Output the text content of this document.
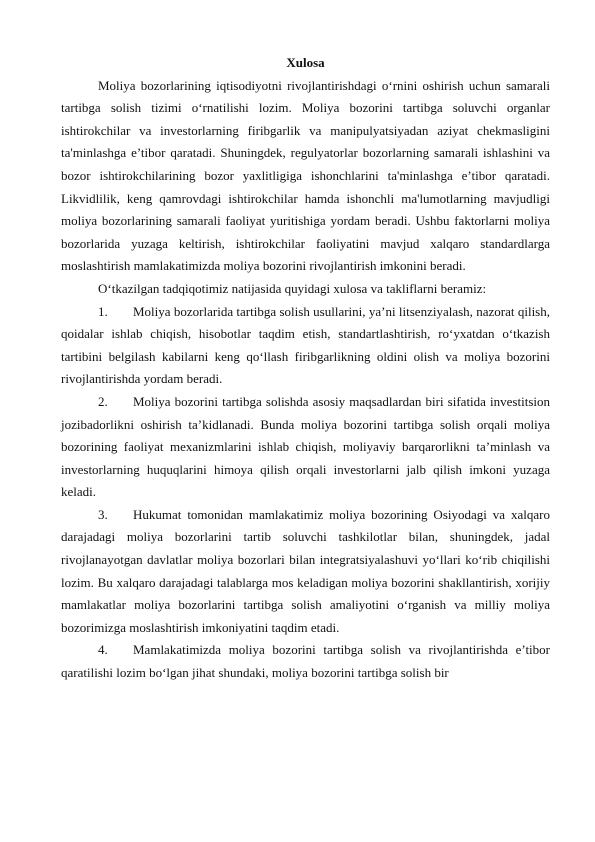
Xulosa

Moliya bozorlarining iqtisodiyotni rivojlantirishdagi o‘rnini oshirish uchun samarali tartibga solish tizimi o‘rnatilishi lozim. Moliya bozorini tartibga soluvchi organlar ishtirokchilar va investorlarning firibgarlik va manipulyatsiyadan aziyat chekmasligini ta'minlashga e’tibor qaratadi. Shuningdek, regulyatorlar bozorlarning samarali ishlashini va bozor ishtirokchilarining bozor yaxlitligiga ishonchlarini ta'minlashga e’tibor qaratadi. Likvidlilik, keng qamrovdagi ishtirokchilar hamda ishonchli ma'lumotlarning mavjudligi moliya bozorlarining samarali faoliyat yuritishiga yordam beradi. Ushbu faktorlarni moliya bozorlarida yuzaga keltirish, ishtirokchilar faoliyatini mavjud xalqaro standardlarga moslashtirish mamlakatimizda moliya bozorini rivojlantirish imkonini beradi.

O‘tkazilgan tadqiqotimiz natijasida quyidagi xulosa va takliflarni beramiz:

1. Moliya bozorlarida tartibga solish usullarini, ya’ni litsenziyalash, nazorat qilish, qoidalar ishlab chiqish, hisobotlar taqdim etish, standartlashtirish, ro‘yxatdan o‘tkazish tartibini belgilash kabilarni keng qo‘llash firibgarlikning oldini olish va moliya bozorini rivojlantirishda yordam beradi.

2. Moliya bozorini tartibga solishda asosiy maqsadlardan biri sifatida investitsion jozibadorlikni oshirish ta’kidlanadi. Bunda moliya bozorini tartibga solish orqali moliya bozorining faoliyat mexanizmlarini ishlab chiqish, moliyaviy barqarorlikni ta’minlash va investorlarning huquqlarini himoya qilish orqali investorlarni jalb qilish imkoni yuzaga keladi.

3. Hukumat tomonidan mamlakatimiz moliya bozorining Osiyodagi va xalqaro darajadagi moliya bozorlarini tartib soluvchi tashkilotlar bilan, shuningdek, jadal rivojlanayotgan davlatlar moliya bozorlari bilan integratsiyalashuvi yo‘llari ko‘rib chiqilishi lozim. Bu xalqaro darajadagi talablarga mos keladigan moliya bozorini shakllantirish, xorijiy mamlakatlar moliya bozorlarini tartibga solish amaliyotini o‘rganish va milliy moliya bozorimizga moslashtirish imkoniyatini taqdim etadi.

4. Mamlakatimizda moliya bozorini tartibga solish va rivojlantirishda e’tibor qaratilishi lozim bo‘lgan jihat shundaki, moliya bozorini tartibga solish bir
